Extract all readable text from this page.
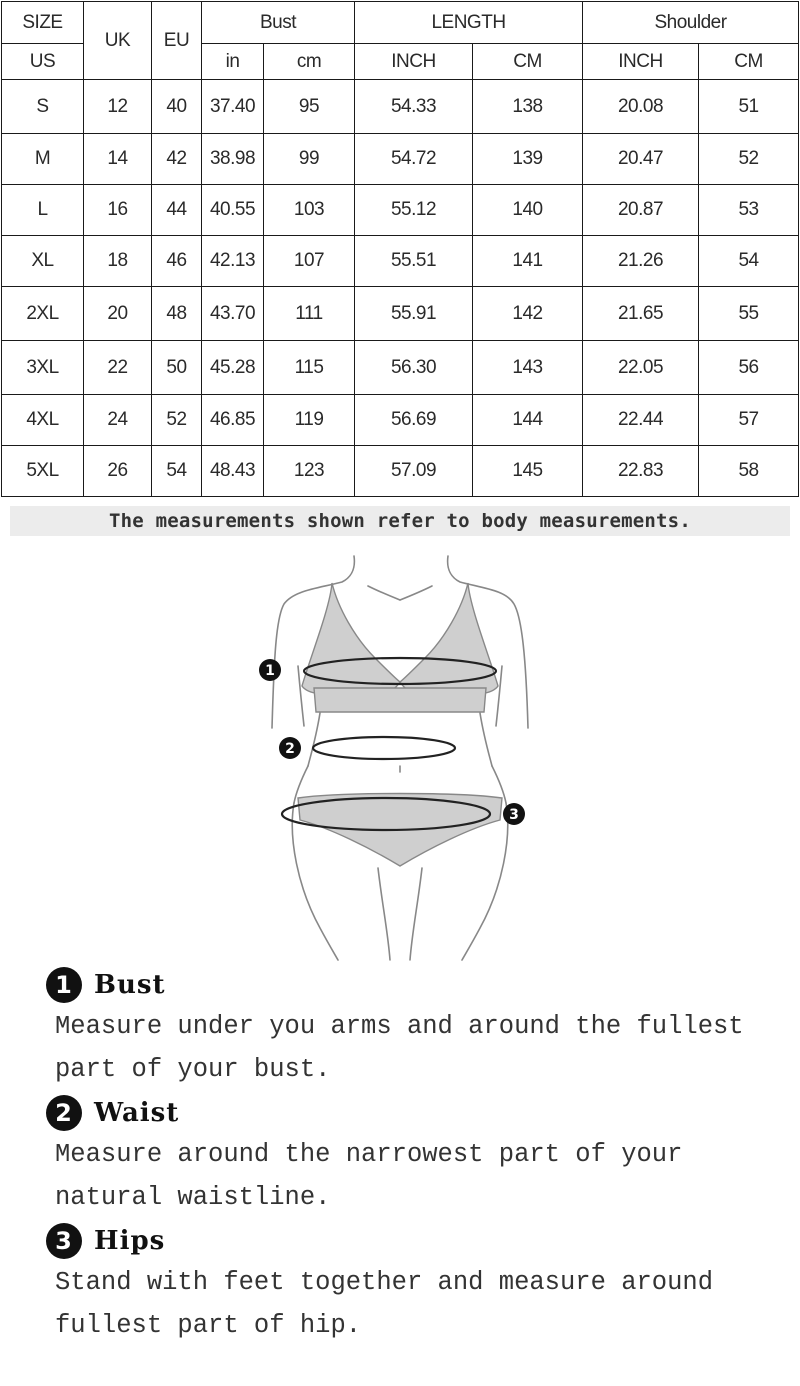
SIZE	UK	EU	Bust		LENGTH		Shoulder	
US			in	cm	INCH	CM	INCH	CM
S	12	40	37.40	95	54.33	138	20.08	51
M	14	42	38.98	99	54.72	139	20.47	52
L	16	44	40.55	103	55.12	140	20.87	53
XL	18	46	42.13	107	55.51	141	21.26	54
2XL	20	48	43.70	111	55.91	142	21.65	55
3XL	22	50	45.28	115	56.30	143	22.05	56
4XL	24	52	46.85	119	56.69	144	22.44	57
5XL	26	54	48.43	123	57.09	145	22.83	58
The measurements shown refer to body measurements.
1
2
3
1 Bust
Measure under you arms and around the fullest part of your bust.
2 Waist
Measure around the narrowest part of your natural waistline.
3 Hips
Stand with feet together and measure around fullest part of hip.
